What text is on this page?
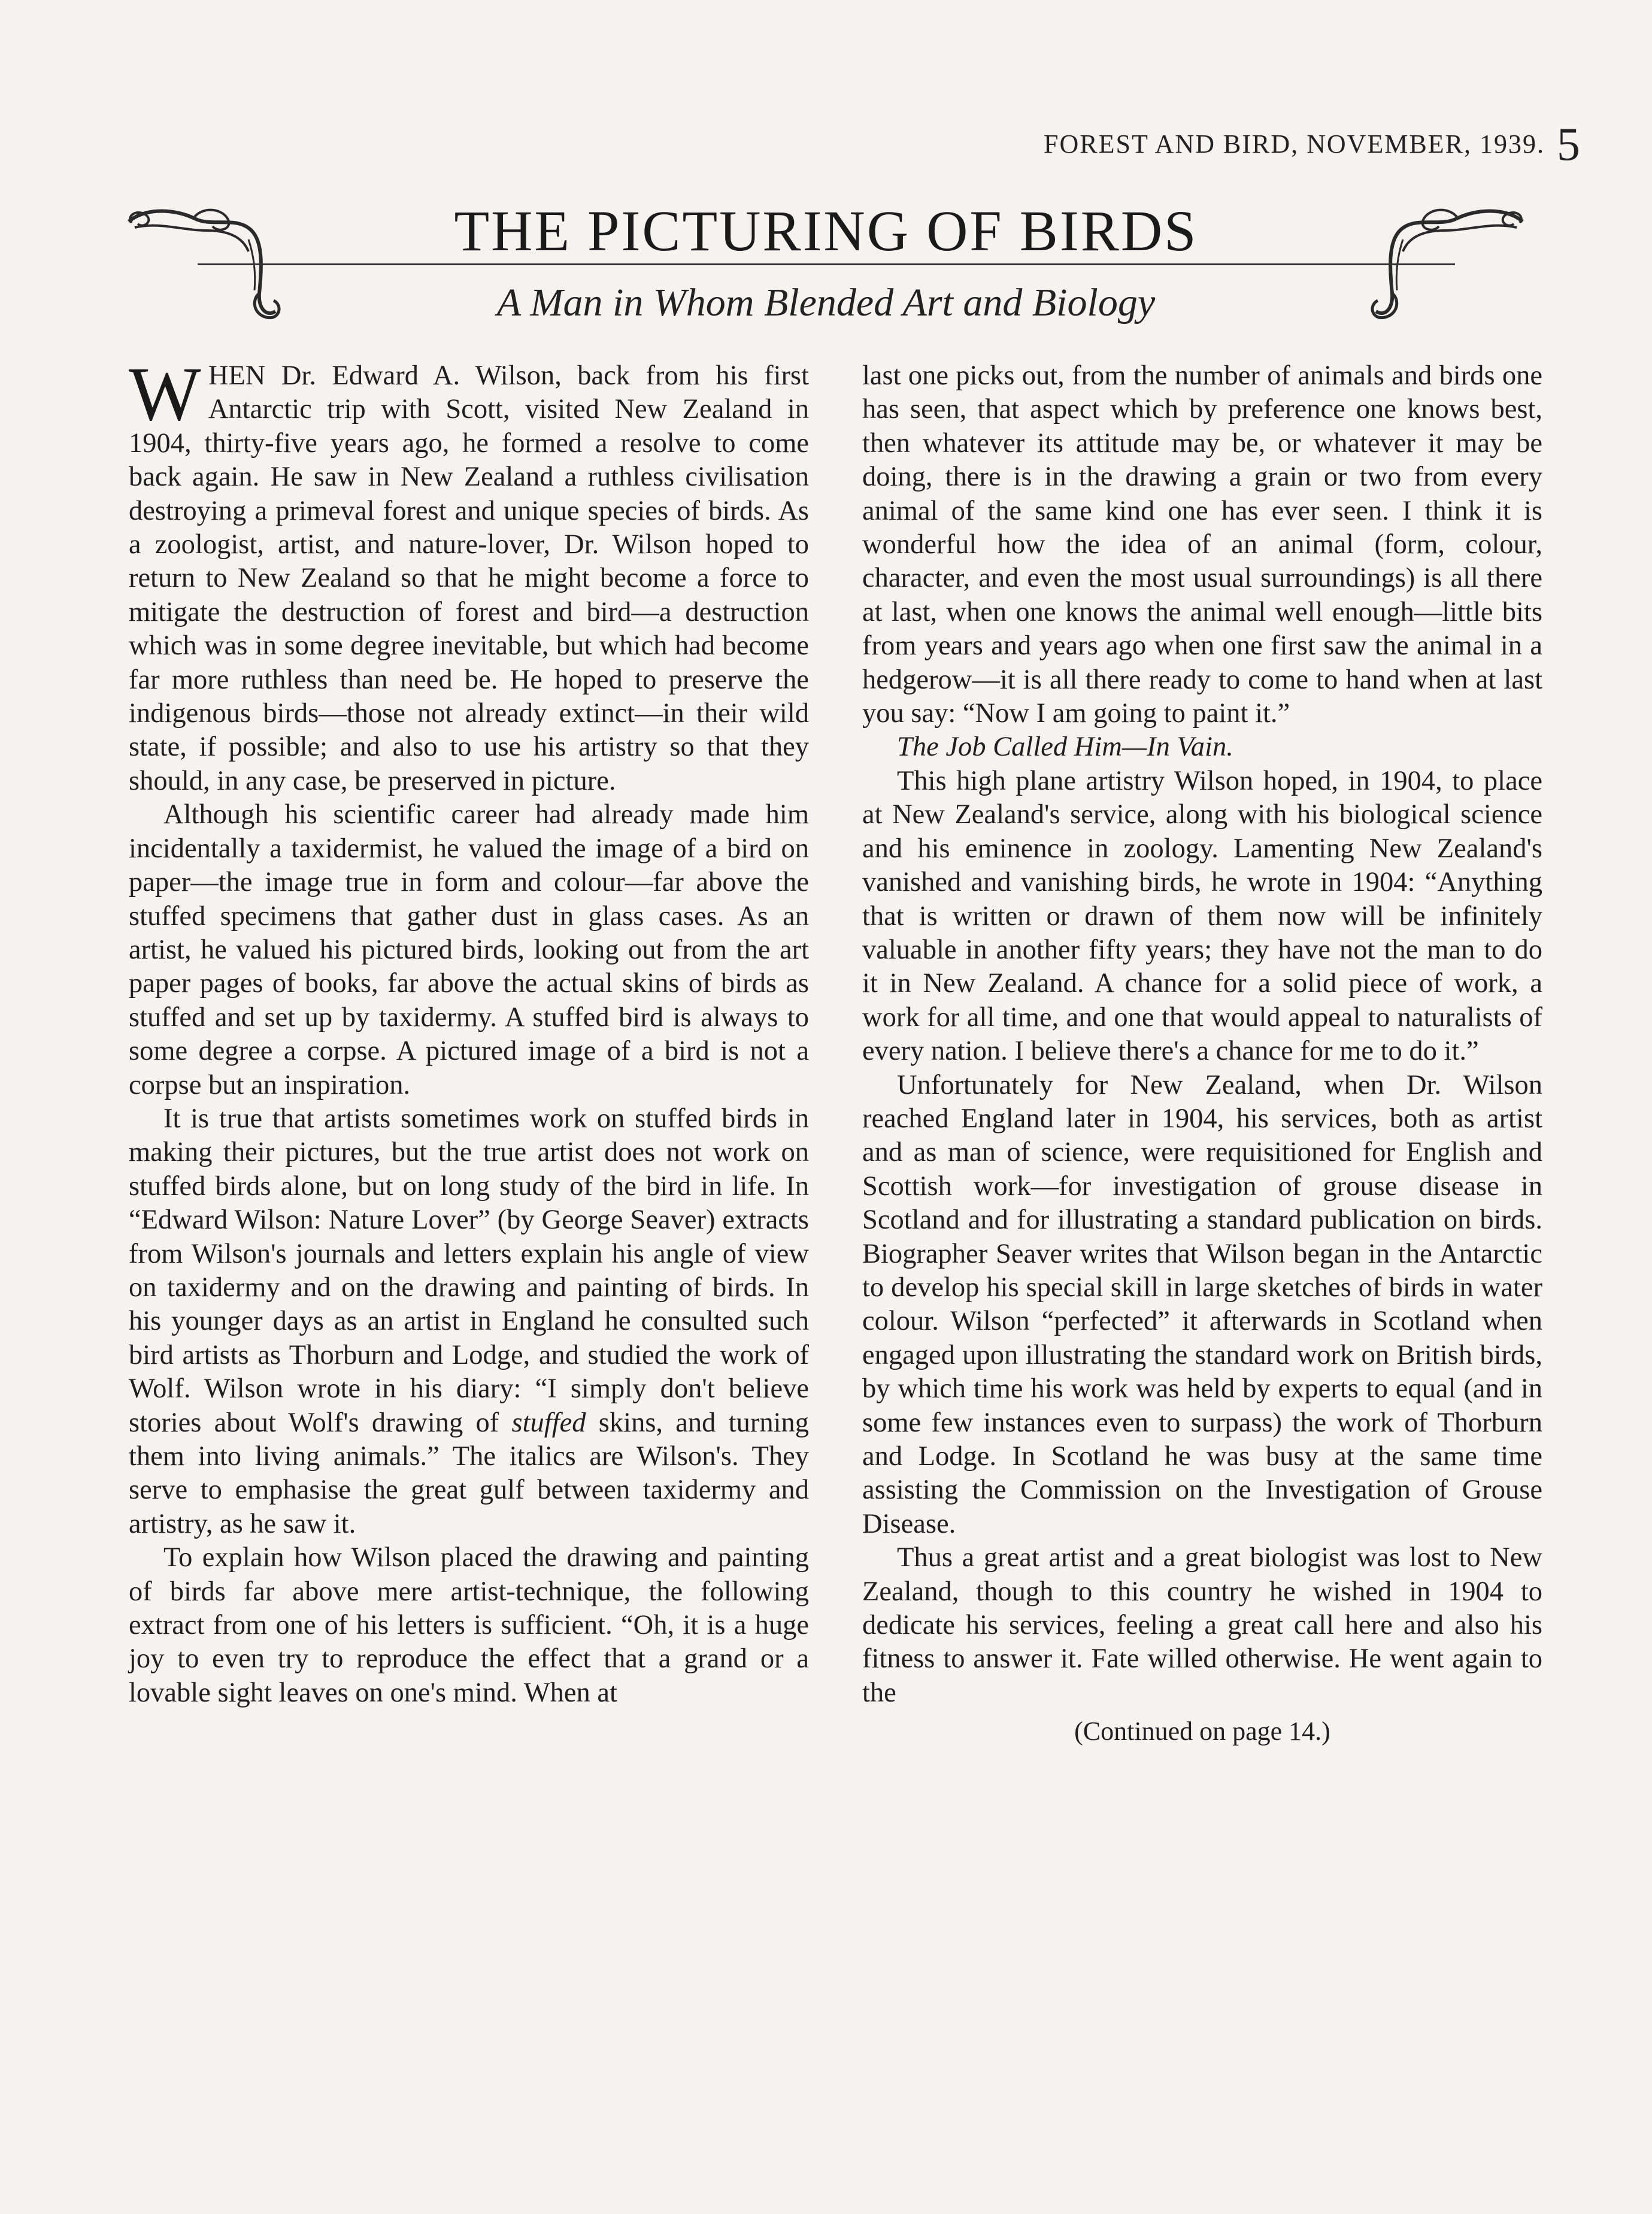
FOREST AND BIRD, NOVEMBER, 1939. 5
THE PICTURING OF BIRDS
A Man in Whom Blended Art and Biology

WHEN Dr. Edward A. Wilson, back from his first Antarctic trip with Scott, visited New Zealand in 1904, thirty-five years ago, he formed a resolve to come back again. He saw in New Zealand a ruthless civilisation destroying a primeval forest and unique species of birds. As a zoologist, artist, and nature-lover, Dr. Wilson hoped to return to New Zealand so that he might become a force to mitigate the destruction of forest and bird—a destruction which was in some degree inevitable, but which had become far more ruthless than need be. He hoped to preserve the indigenous birds—those not already extinct—in their wild state, if possible; and also to use his artistry so that they should, in any case, be preserved in picture.

Although his scientific career had already made him incidentally a taxidermist, he valued the image of a bird on paper—the image true in form and colour—far above the stuffed specimens that gather dust in glass cases. As an artist, he valued his pictured birds, looking out from the art paper pages of books, far above the actual skins of birds as stuffed and set up by taxidermy. A stuffed bird is always to some degree a corpse. A pictured image of a bird is not a corpse but an inspiration.

It is true that artists sometimes work on stuffed birds in making their pictures, but the true artist does not work on stuffed birds alone, but on long study of the bird in life. In “Edward Wilson: Nature Lover” (by George Seaver) extracts from Wilson's journals and letters explain his angle of view on taxidermy and on the drawing and painting of birds. In his younger days as an artist in England he consulted such bird artists as Thorburn and Lodge, and studied the work of Wolf. Wilson wrote in his diary: “I simply don't believe stories about Wolf's drawing of stuffed skins, and turning them into living animals.” The italics are Wilson's. They serve to emphasise the great gulf between taxidermy and artistry, as he saw it.

To explain how Wilson placed the drawing and painting of birds far above mere artist-technique, the following extract from one of his letters is sufficient. “Oh, it is a huge joy to even try to reproduce the effect that a grand or a lovable sight leaves on one's mind. When at

last one picks out, from the number of animals and birds one has seen, that aspect which by preference one knows best, then whatever its attitude may be, or whatever it may be doing, there is in the drawing a grain or two from every animal of the same kind one has ever seen. I think it is wonderful how the idea of an animal (form, colour, character, and even the most usual surroundings) is all there at last, when one knows the animal well enough—little bits from years and years ago when one first saw the animal in a hedgerow—it is all there ready to come to hand when at last you say: “Now I am going to paint it.”

The Job Called Him—In Vain.

This high plane artistry Wilson hoped, in 1904, to place at New Zealand's service, along with his biological science and his eminence in zoology. Lamenting New Zealand's vanished and vanishing birds, he wrote in 1904: “Anything that is written or drawn of them now will be infinitely valuable in another fifty years; they have not the man to do it in New Zealand. A chance for a solid piece of work, a work for all time, and one that would appeal to naturalists of every nation. I believe there's a chance for me to do it.”

Unfortunately for New Zealand, when Dr. Wilson reached England later in 1904, his services, both as artist and as man of science, were requisitioned for English and Scottish work—for investigation of grouse disease in Scotland and for illustrating a standard publication on birds. Biographer Seaver writes that Wilson began in the Antarctic to develop his special skill in large sketches of birds in water colour. Wilson “perfected” it afterwards in Scotland when engaged upon illustrating the standard work on British birds, by which time his work was held by experts to equal (and in some few instances even to surpass) the work of Thorburn and Lodge. In Scotland he was busy at the same time assisting the Commission on the Investigation of Grouse Disease.

Thus a great artist and a great biologist was lost to New Zealand, though to this country he wished in 1904 to dedicate his services, feeling a great call here and also his fitness to answer it. Fate willed otherwise. He went again to the

(Continued on page 14.)
